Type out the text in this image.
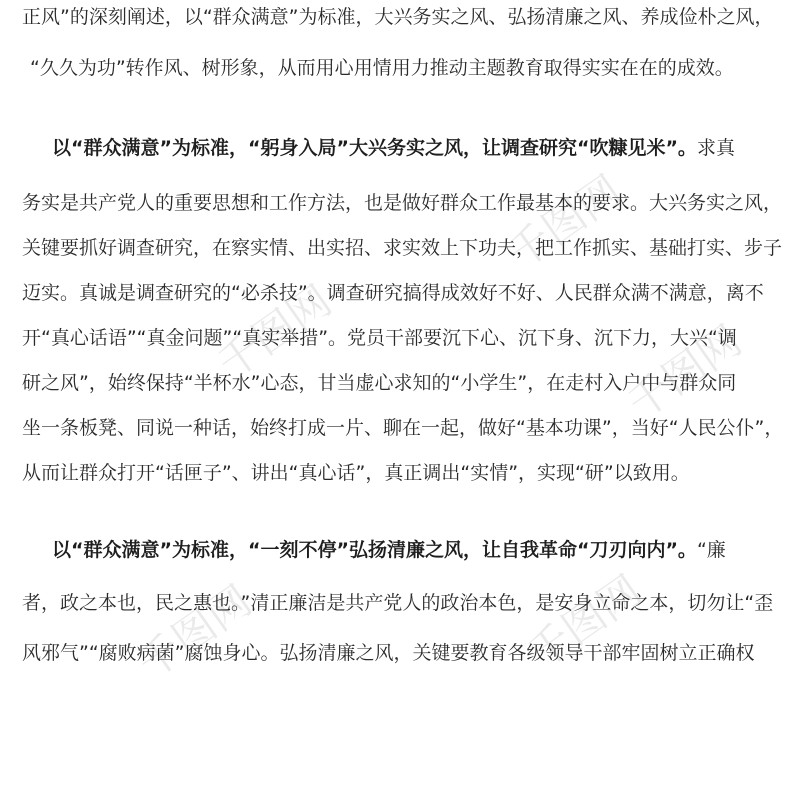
千图网
千图网	千图网
千图网	千图网
正风”的深刻阐述，以“群众满意”为标准，大兴务实之风、弘扬清廉之风、养成俭朴之风，
“久久为功”转作风、树形象，从而用心用情用力推动主题教育取得实实在在的成效。
以“群众满意”为标准，“躬身入局”大兴务实之风，让调查研究“吹糠见米”。求真
务实是共产党人的重要思想和工作方法，也是做好群众工作最基本的要求。大兴务实之风，
关键要抓好调查研究，在察实情、出实招、求实效上下功夫，把工作抓实、基础打实、步子
迈实。真诚是调查研究的“必杀技”。调查研究搞得成效好不好、人民群众满不满意，离不
开“真心话语”“真金问题”“真实举措”。党员干部要沉下心、沉下身、沉下力，大兴“调
研之风”，始终保持“半杯水”心态，甘当虚心求知的“小学生”，在走村入户中与群众同
坐一条板凳、同说一种话，始终打成一片、聊在一起，做好“基本功课”，当好“人民公仆”，
从而让群众打开“话匣子”、讲出“真心话”，真正调出“实情”，实现“研”以致用。
以“群众满意”为标准，“一刻不停”弘扬清廉之风，让自我革命“刀刃向内”。“廉
者，政之本也，民之惠也。”清正廉洁是共产党人的政治本色，是安身立命之本，切勿让“歪
风邪气”“腐败病菌”腐蚀身心。弘扬清廉之风，关键要教育各级领导干部牢固树立正确权
